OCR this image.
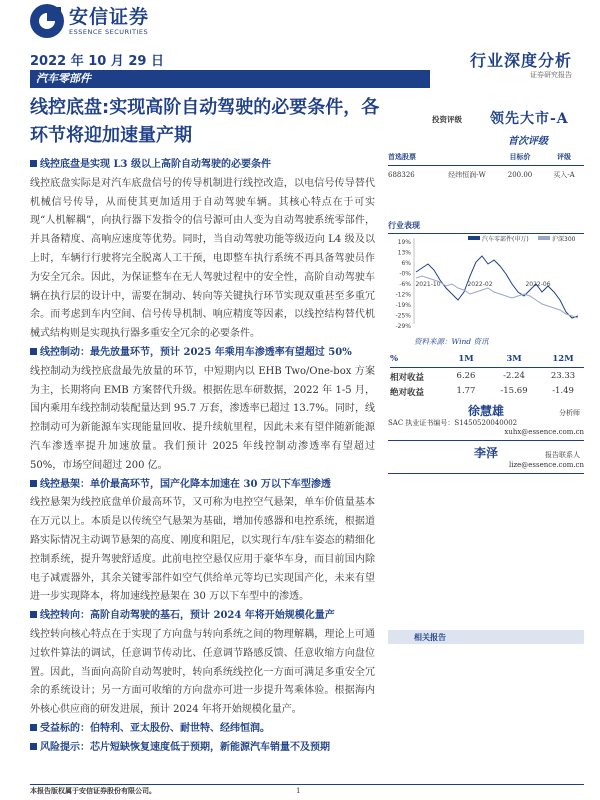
安信证券
ESSENCE SECURITIES
2022 年 10 月 29 日
汽车零部件
行业深度分析
证券研究报告
线控底盘:实现高阶自动驾驶的必要条件，各环节将迎加速量产期

线控底盘是实现 L3 级以上高阶自动驾驶的必要条件
线控底盘实际是对汽车底盘信号的传导机制进行线控改造，以电信号传导替代机械信号传导，从而使其更加适用于自动驾驶车辆。其核心特点在于可实现“人机解耦”，向执行器下发指令的信号源可由人变为自动驾驶系统零部件，并具备精度、高响应速度等优势。同时，当自动驾驶功能等级迈向 L4 级及以上时，车辆行行驶将完全脱离人工干预，电即整车执行系统不再具备驾驶员作为安全冗余。因此，为保证整车在无人驾驶过程中的安全性，高阶自动驾驶车辆在执行层的设计中，需要在制动、转向等关键执行环节实现双重甚至多重冗余。而考虑到车内空间、信号传导机制、响应精度等因素，以线控结构替代机械式结构则是实现执行器多重安全冗余的必要条件。

线控制动：最先放量环节，预计 2025 年乘用车渗透率有望超过 50%
线控制动为线控底盘最先放量的环节，中短期内以 EHB Two/One-box 方案为主，长期将向 EMB 方案替代升级。根据佐思车研数据，2022 年 1-5 月，国内乘用车线控制动装配量达到 95.7 万套，渗透率已超过 13.7%。同时，线控制动可为新能源车实现能量回收、提升续航里程，因此未来有望伴随新能源汽车渗透率提升加速放量。我们预计 2025 年线控制动渗透率有望超过 50%，市场空间超过 200 亿。

线控悬架：单价最高环节，国产化降本加速在 30 万以下车型渗透
线控悬架为线控底盘单价最高环节，又可称为电控空气悬架，单车价值量基本在万元以上。本质是以传统空气悬架为基础，增加传感器和电控系统，根据道路实际情况主动调节悬架的高度、刚度和阻尼，以实现行车/驻车姿态的精细化控制系统，提升驾驶舒适度。此前电控空悬仅应用于豪华车身，而目前国内除电子减震器外，其余关键零部件如空气供给单元等均已实现国产化，未来有望进一步实现降本，将加速线控悬架在 30 万以下车型中的渗透。

线控转向：高阶自动驾驶的基石，预计 2024 年将开始规模化量产
线控转向核心特点在于实现了方向盘与转向系统之间的物理解耦，理论上可通过软件算法的调试，任意调节传动比、任意调节路感反馈、任意收缩方向盘位置。因此，当面向高阶自动驾驶时，转向系统线控化一方面可满足多重安全冗余的系统设计；另一方面可收缩的方向盘亦可进一步提升驾乘体验。根据海内外核心供应商的研发进展，预计 2024 年将开始规模化量产。

受益标的：伯特利、亚太股份、耐世特、经纬恒润。

风险提示：芯片短缺恢复速度低于预期，新能源汽车销量不及预期

投资评级 领先大市-A
首次评级
首选股票	目标价	评级
688326	经纬恒润-W	200.00	买入-A
行业表现
19%
13%
6%
-0%
-6%
-12%
-19%
-25%
-29%
2021-10	2022-02	2022-06
汽车零部件(申万)	沪深300
资料来源：Wind 资讯
%	1M	3M	12M
相对收益	6.26	-2.24	23.33
绝对收益	1.77	-15.69	-1.49
徐慧雄	分析师
SAC 执业证书编号：S1450520040002
xuhx@essence.com.cn
李泽	报告联系人
lize@essence.com.cn
相关报告
本报告版权属于安信证券股份有限公司。	1
